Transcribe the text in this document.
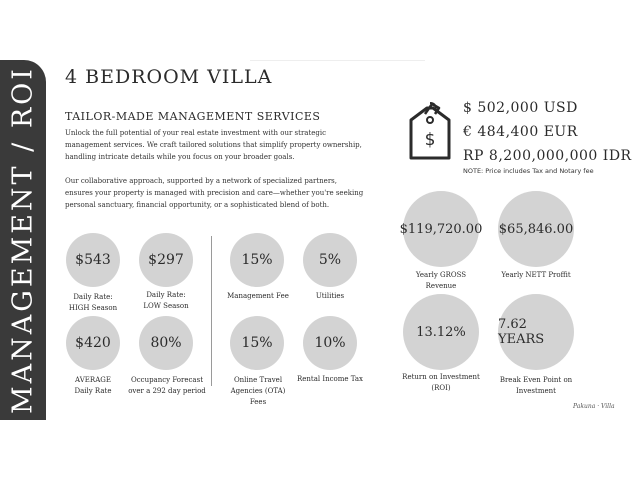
MANAGEMENT / ROI 4 BEDROOM VILLA
TAILOR-MADE MANAGEMENT SERVICES
Unlock the full potential of your real estate investment with our strategic management services. We craft tailored solutions that simplify property ownership, handling intricate details while you focus on your broader goals.
Our collaborative approach, supported by a network of specialized partners, ensures your property is managed with precision and care—whether you're seeking personal sanctuary, financial opportunity, or a sophisticated blend of both.
$543
Daily Rate:
HIGH Season
$297
Daily Rate:
LOW Season
$420
AVERAGE
Daily Rate
80%
Occupancy Forecast
over a 292 day period
15%
Management Fee
5%
Utilities
15%
Online Travel
Agencies (OTA)
Fees
10%
Rental Income Tax
$
$ 502,000 USD
€ 484,400 EUR
RP 8,200,000,000 IDR
NOTE: Price includes Tax and Notary fee
$119,720.00
Yearly GROSS
Revenue
$65,846.00
Yearly NETT Proffit
13.12%
Return on Investment
(ROI)
7.62 YEARS
Break Even Point on
Investment
Pakuna · Villa
